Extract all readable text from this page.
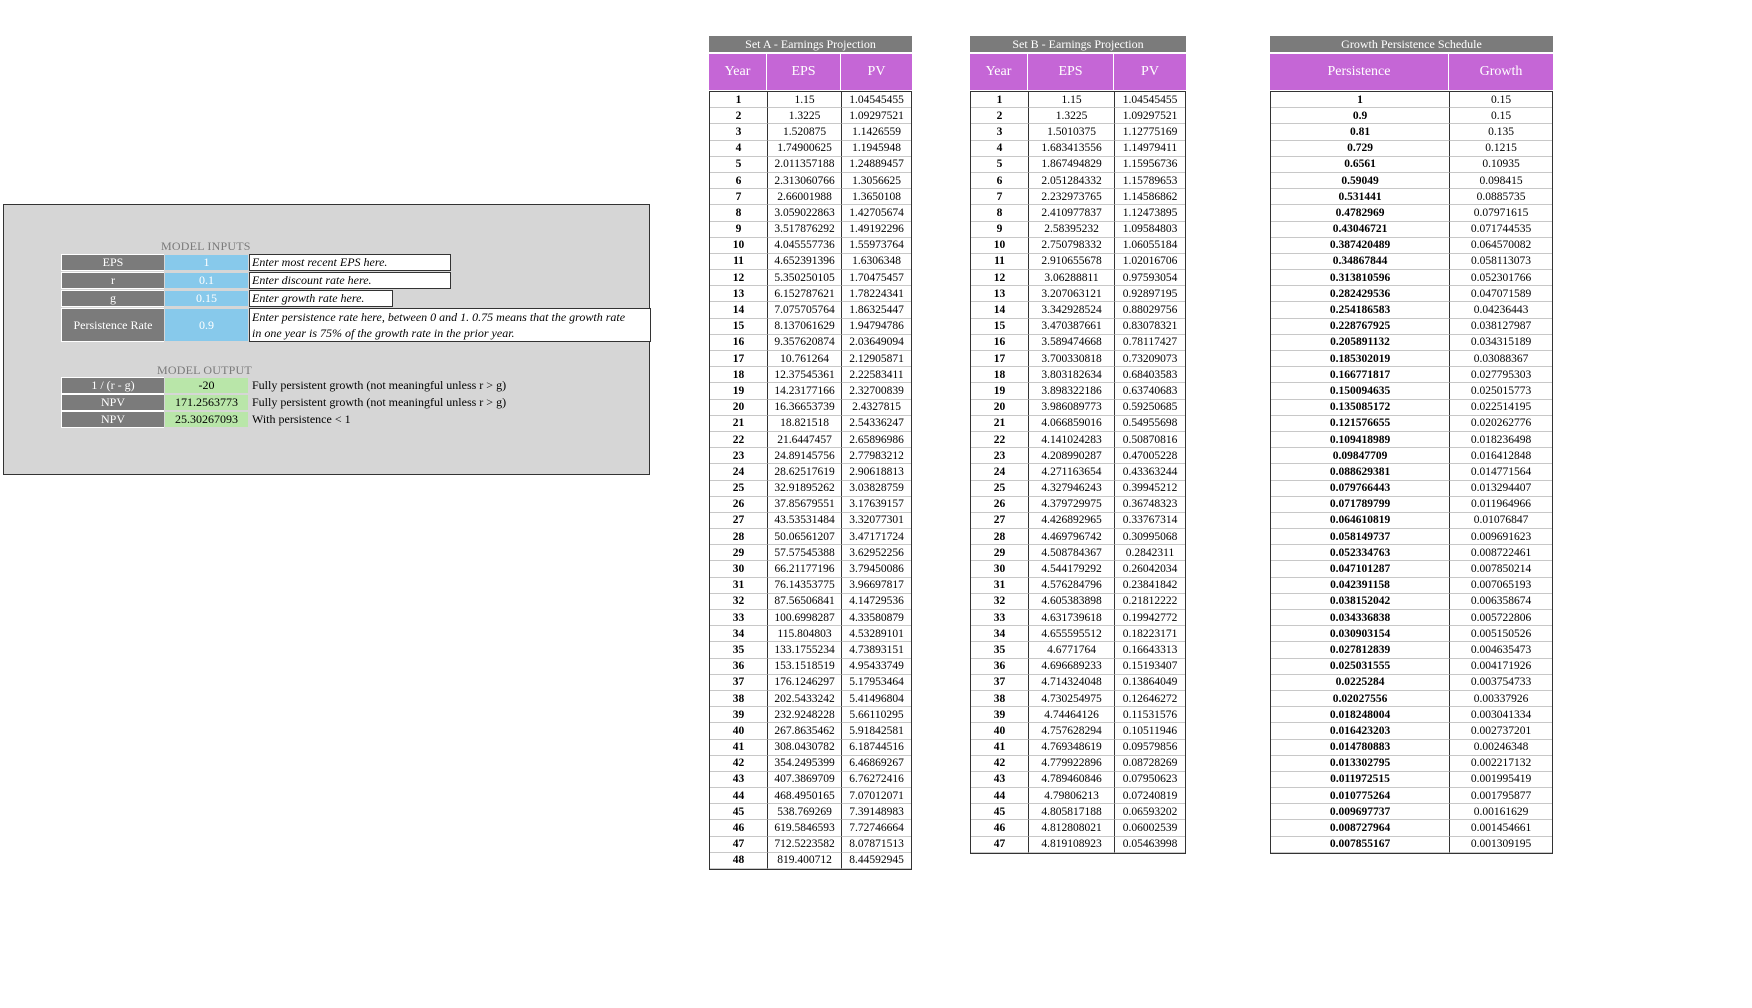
MODEL INPUTS
EPS	1	Enter most recent EPS here.
r	0.1	Enter discount rate here.
g	0.15	Enter growth rate here.
Persistence Rate	0.9
Enter persistence rate here, between 0 and 1. 0.75 means that the growth rate
in one year is 75% of the growth rate in the prior year.
MODEL OUTPUT
1 / (r - g)	-20	Fully persistent growth (not meaningful unless r > g)
NPV	171.2563773	Fully persistent growth (not meaningful unless r > g)
NPV	25.30267093	With persistence < 1
Set A - Earnings Projection
Year	EPS	PV
1	1.15	1.04545455
2	1.3225	1.09297521
3	1.520875	1.1426559
4	1.74900625	1.1945948
5	2.011357188	1.24889457
6	2.313060766	1.3056625
7	2.66001988	1.3650108
8	3.059022863	1.42705674
9	3.517876292	1.49192296
10	4.045557736	1.55973764
11	4.652391396	1.6306348
12	5.350250105	1.70475457
13	6.152787621	1.78224341
14	7.075705764	1.86325447
15	8.137061629	1.94794786
16	9.357620874	2.03649094
17	10.761264	2.12905871
18	12.37545361	2.22583411
19	14.23177166	2.32700839
20	16.36653739	2.4327815
21	18.821518	2.54336247
22	21.6447457	2.65896986
23	24.89145756	2.77983212
24	28.62517619	2.90618813
25	32.91895262	3.03828759
26	37.85679551	3.17639157
27	43.53531484	3.32077301
28	50.06561207	3.47171724
29	57.57545388	3.62952256
30	66.21177196	3.79450086
31	76.14353775	3.96697817
32	87.56506841	4.14729536
33	100.6998287	4.33580879
34	115.804803	4.53289101
35	133.1755234	4.73893151
36	153.1518519	4.95433749
37	176.1246297	5.17953464
38	202.5433242	5.41496804
39	232.9248228	5.66110295
40	267.8635462	5.91842581
41	308.0430782	6.18744516
42	354.2495399	6.46869267
43	407.3869709	6.76272416
44	468.4950165	7.07012071
45	538.769269	7.39148983
46	619.5846593	7.72746664
47	712.5223582	8.07871513
48	819.400712	8.44592945
Set B - Earnings Projection
Year	EPS	PV
1	1.15	1.04545455
2	1.3225	1.09297521
3	1.5010375	1.12775169
4	1.683413556	1.14979411
5	1.867494829	1.15956736
6	2.051284332	1.15789653
7	2.232973765	1.14586862
8	2.410977837	1.12473895
9	2.58395232	1.09584803
10	2.750798332	1.06055184
11	2.910655678	1.02016706
12	3.06288811	0.97593054
13	3.207063121	0.92897195
14	3.342928524	0.88029756
15	3.470387661	0.83078321
16	3.589474668	0.78117427
17	3.700330818	0.73209073
18	3.803182634	0.68403583
19	3.898322186	0.63740683
20	3.986089773	0.59250685
21	4.066859016	0.54955698
22	4.141024283	0.50870816
23	4.208990287	0.47005228
24	4.271163654	0.43363244
25	4.327946243	0.39945212
26	4.379729975	0.36748323
27	4.426892965	0.33767314
28	4.469796742	0.30995068
29	4.508784367	0.2842311
30	4.544179292	0.26042034
31	4.576284796	0.23841842
32	4.605383898	0.21812222
33	4.631739618	0.19942772
34	4.655595512	0.18223171
35	4.6771764	0.16643313
36	4.696689233	0.15193407
37	4.714324048	0.13864049
38	4.730254975	0.12646272
39	4.74464126	0.11531576
40	4.757628294	0.10511946
41	4.769348619	0.09579856
42	4.779922896	0.08728269
43	4.789460846	0.07950623
44	4.79806213	0.07240819
45	4.805817188	0.06593202
46	4.812808021	0.06002539
47	4.819108923	0.05463998
Growth Persistence Schedule
Persistence	Growth
1	0.15
0.9	0.15
0.81	0.135
0.729	0.1215
0.6561	0.10935
0.59049	0.098415
0.531441	0.0885735
0.4782969	0.07971615
0.43046721	0.071744535
0.387420489	0.064570082
0.34867844	0.058113073
0.313810596	0.052301766
0.282429536	0.047071589
0.254186583	0.04236443
0.228767925	0.038127987
0.205891132	0.034315189
0.185302019	0.03088367
0.166771817	0.027795303
0.150094635	0.025015773
0.135085172	0.022514195
0.121576655	0.020262776
0.109418989	0.018236498
0.09847709	0.016412848
0.088629381	0.014771564
0.079766443	0.013294407
0.071789799	0.011964966
0.064610819	0.01076847
0.058149737	0.009691623
0.052334763	0.008722461
0.047101287	0.007850214
0.042391158	0.007065193
0.038152042	0.006358674
0.034336838	0.005722806
0.030903154	0.005150526
0.027812839	0.004635473
0.025031555	0.004171926
0.0225284	0.003754733
0.02027556	0.00337926
0.018248004	0.003041334
0.016423203	0.002737201
0.014780883	0.00246348
0.013302795	0.002217132
0.011972515	0.001995419
0.010775264	0.001795877
0.009697737	0.00161629
0.008727964	0.001454661
0.007855167	0.001309195
